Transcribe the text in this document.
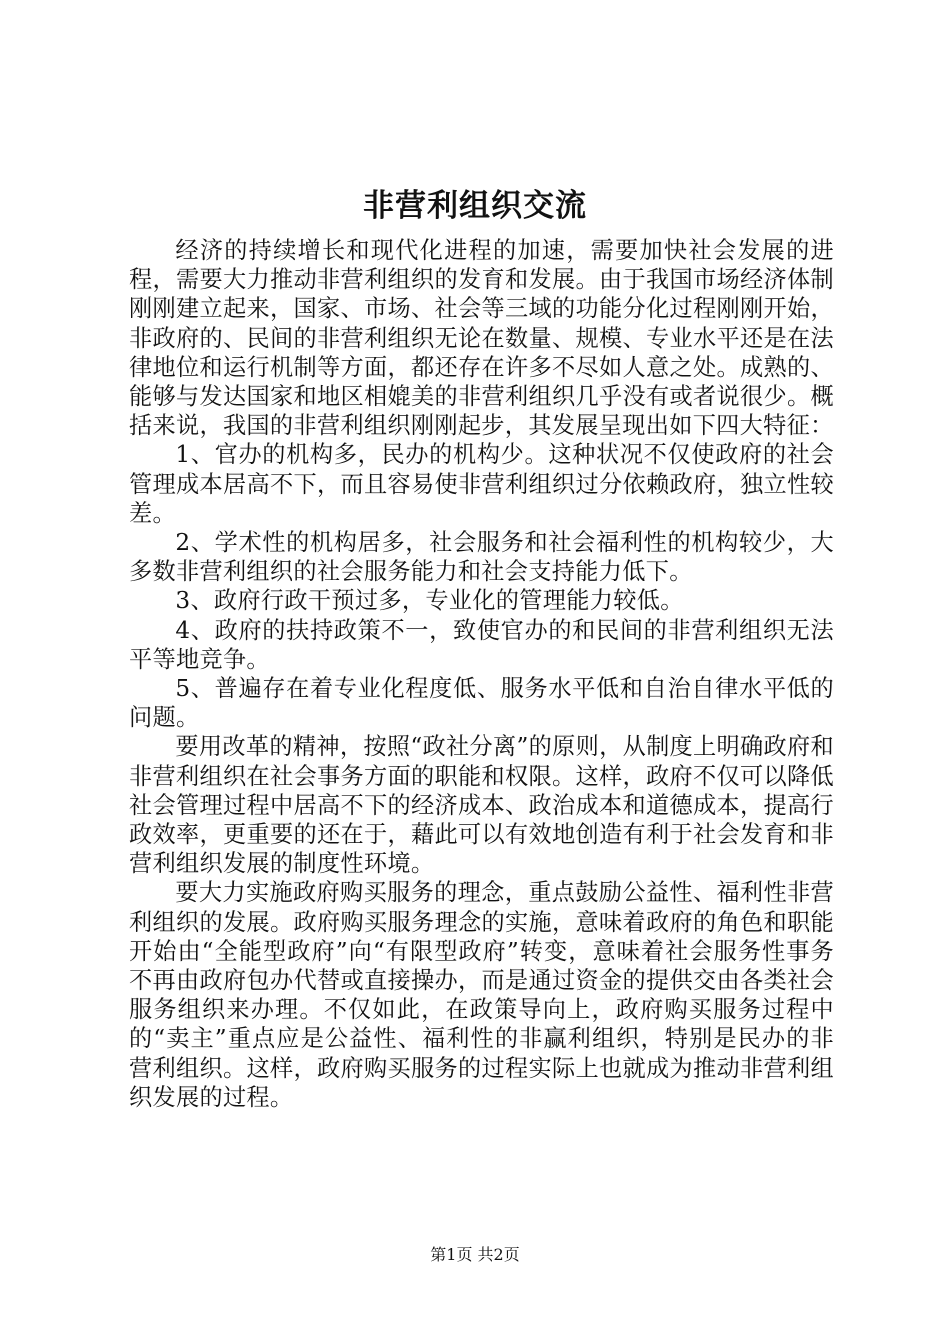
非营利组织交流

经济的持续增长和现代化进程的加速，需要加快社会发展的进程，需要大力推动非营利组织的发育和发展。由于我国市场经济体制刚刚建立起来，国家、市场、社会等三域的功能分化过程刚刚开始，非政府的、民间的非营利组织无论在数量、规模、专业水平还是在法律地位和运行机制等方面，都还存在许多不尽如人意之处。成熟的、能够与发达国家和地区相媲美的非营利组织几乎没有或者说很少。概括来说，我国的非营利组织刚刚起步，其发展呈现出如下四大特征：

1、官办的机构多，民办的机构少。这种状况不仅使政府的社会管理成本居高不下，而且容易使非营利组织过分依赖政府，独立性较差。

2、学术性的机构居多，社会服务和社会福利性的机构较少，大多数非营利组织的社会服务能力和社会支持能力低下。

3、政府行政干预过多，专业化的管理能力较低。

4、政府的扶持政策不一，致使官办的和民间的非营利组织无法平等地竞争。

5、普遍存在着专业化程度低、服务水平低和自治自律水平低的问题。

要用改革的精神，按照“政社分离”的原则，从制度上明确政府和非营利组织在社会事务方面的职能和权限。这样，政府不仅可以降低社会管理过程中居高不下的经济成本、政治成本和道德成本，提高行政效率，更重要的还在于，藉此可以有效地创造有利于社会发育和非营利组织发展的制度性环境。

要大力实施政府购买服务的理念，重点鼓励公益性、福利性非营利组织的发展。政府购买服务理念的实施，意味着政府的角色和职能开始由“全能型政府”向“有限型政府”转变，意味着社会服务性事务不再由政府包办代替或直接操办，而是通过资金的提供交由各类社会服务组织来办理。不仅如此，在政策导向上，政府购买服务过程中的“卖主”重点应是公益性、福利性的非赢利组织，特别是民办的非营利组织。这样，政府购买服务的过程实际上也就成为推动非营利组织发展的过程。

第1页 共2页
